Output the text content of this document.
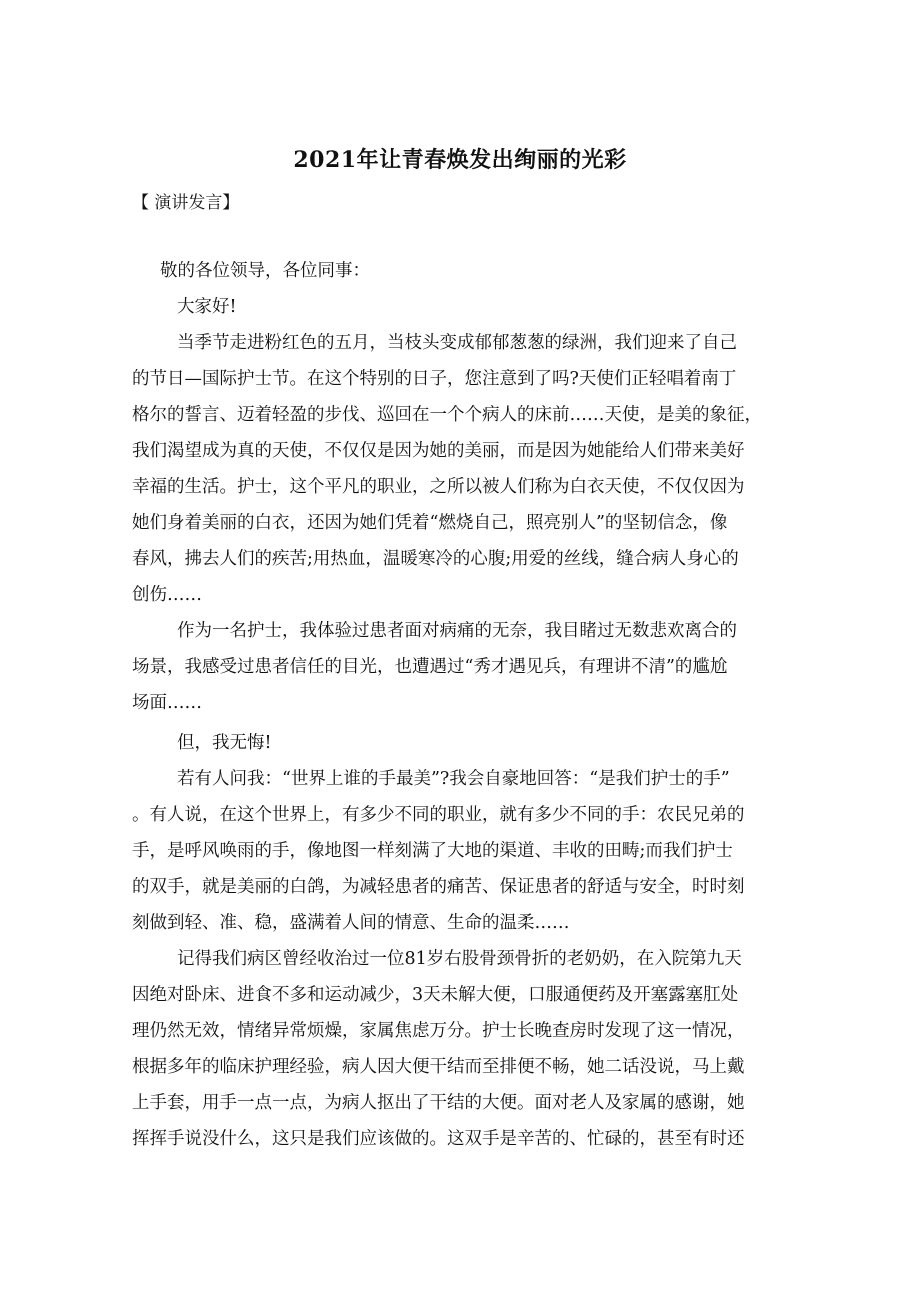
2021年让青春焕发出绚丽的光彩
【 演讲发言】
敬的各位领导，各位同事：
大家好!
当季节走进粉红色的五月，当枝头变成郁郁葱葱的绿洲，我们迎来了自己
的节日—国际护士节。在这个特别的日子，您注意到了吗?天使们正轻唱着南丁
格尔的誓言、迈着轻盈的步伐、巡回在一个个病人的床前……天使，是美的象征，
我们渴望成为真的天使，不仅仅是因为她的美丽，而是因为她能给人们带来美好
幸福的生活。护士，这个平凡的职业，之所以被人们称为白衣天使，不仅仅因为
她们身着美丽的白衣，还因为她们凭着“燃烧自己，照亮别人”的坚韧信念，像
春风，拂去人们的疾苦;用热血，温暖寒冷的心腹;用爱的丝线，缝合病人身心的
创伤……
作为一名护士，我体验过患者面对病痛的无奈，我目睹过无数悲欢离合的
场景，我感受过患者信任的目光，也遭遇过“秀才遇见兵，有理讲不清”的尴尬
场面……
但，我无悔!
若有人问我：“世界上谁的手最美”?我会自豪地回答：“是我们护士的手”
。有人说，在这个世界上，有多少不同的职业，就有多少不同的手：农民兄弟的
手，是呼风唤雨的手，像地图一样刻满了大地的渠道、丰收的田畴;而我们护士
的双手，就是美丽的白鸽，为减轻患者的痛苦、保证患者的舒适与安全，时时刻
刻做到轻、准、稳，盛满着人间的情意、生命的温柔……
记得我们病区曾经收治过一位81岁右股骨颈骨折的老奶奶，在入院第九天
因绝对卧床、进食不多和运动减少，3天未解大便，口服通便药及开塞露塞肛处
理仍然无效，情绪异常烦燥，家属焦虑万分。护士长晚查房时发现了这一情况，
根据多年的临床护理经验，病人因大便干结而至排便不畅，她二话没说，马上戴
上手套，用手一点一点，为病人抠出了干结的大便。面对老人及家属的感谢，她
挥挥手说没什么，这只是我们应该做的。这双手是辛苦的、忙碌的，甚至有时还
